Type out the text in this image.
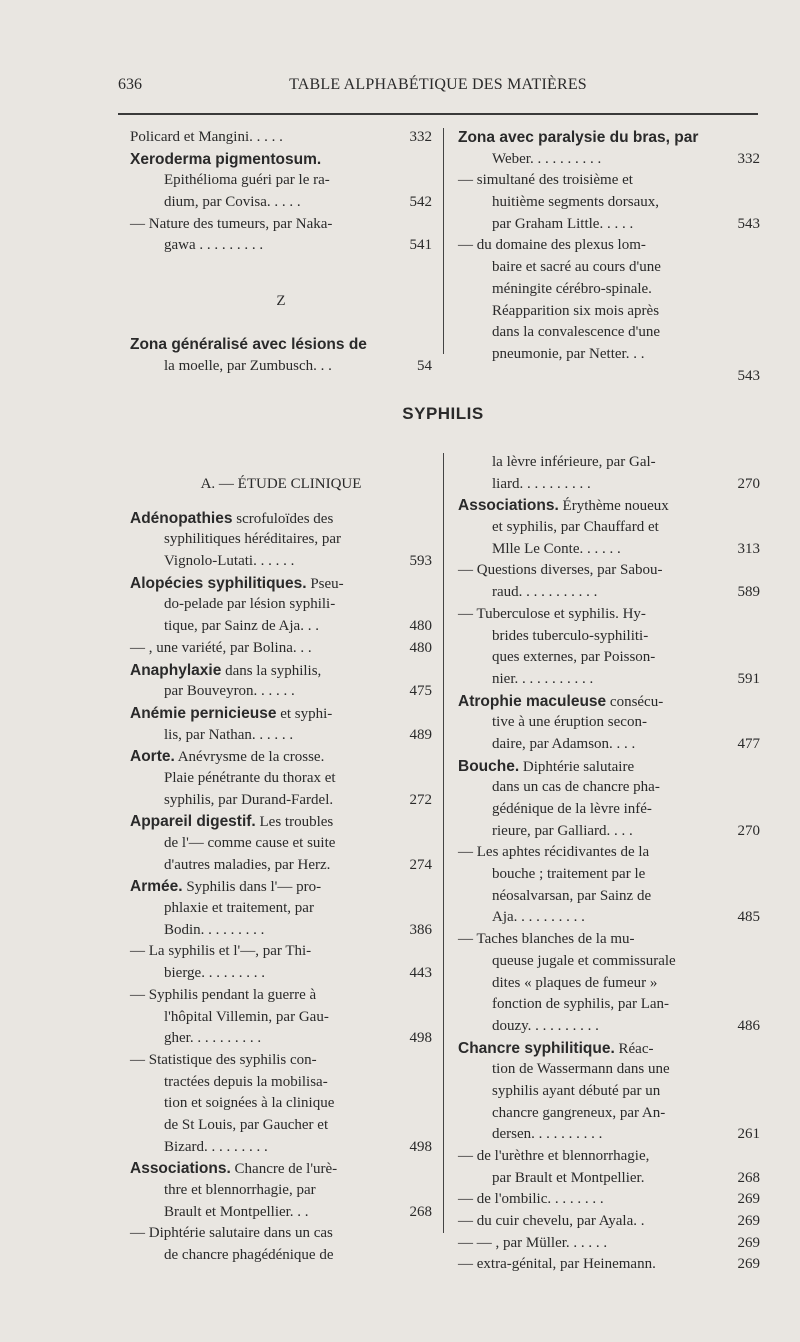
636	TABLE ALPHABÉTIQUE DES MATIÈRES
Policard et Mangini. . . . .	332
Xeroderma pigmentosum.
Epithélioma guéri par le ra-
dium, par Covisa. . . . .	542
— Nature des tumeurs, par Naka-
gawa . . . . . . . . .	541
Z
Zona généralisé avec lésions de
la moelle, par Zumbusch. . .	54
Zona avec paralysie du bras, par
Weber. . . . . . . . . .	332
— simultané des troisième et
huitième segments dorsaux,
par Graham Little. . . . .	543
— du domaine des plexus lom-
baire et sacré au cours d'une
méningite cérébro-spinale.
Réapparition six mois après
dans la convalescence d'une
pneumonie, par Netter. . .
543
SYPHILIS
A. — ÉTUDE CLINIQUE
Adénopathies scrofuloïdes des
syphilitiques héréditaires, par
Vignolo-Lutati. . . . . .	593
Alopécies syphilitiques. Pseu-
do-pelade par lésion syphili-
tique, par Sainz de Aja. . .	480
— , une variété, par Bolina. . .	480
Anaphylaxie dans la syphilis,
par Bouveyron. . . . . .	475
Anémie pernicieuse et syphi-
lis, par Nathan. . . . . .	489
Aorte. Anévrysme de la crosse.
Plaie pénétrante du thorax et
syphilis, par Durand-Fardel.	272
Appareil digestif. Les troubles
de l'— comme cause et suite
d'autres maladies, par Herz.	274
Armée. Syphilis dans l'— pro-
phlaxie et traitement, par
Bodin. . . . . . . . .	386
— La syphilis et l'—, par Thi-
bierge. . . . . . . . .	443
— Syphilis pendant la guerre à
l'hôpital Villemin, par Gau-
gher. . . . . . . . . .	498
— Statistique des syphilis con-
tractées depuis la mobilisa-
tion et soignées à la clinique
de St Louis, par Gaucher et
Bizard. . . . . . . . .	498
Associations. Chancre de l'urè-
thre et blennorrhagie, par
Brault et Montpellier. . .	268
— Diphtérie salutaire dans un cas
de chancre phagédénique de
la lèvre inférieure, par Gal-
liard. . . . . . . . . .	270
Associations. Érythème noueux
et syphilis, par Chauffard et
Mlle Le Conte. . . . . .	313
— Questions diverses, par Sabou-
raud. . . . . . . . . . .	589
— Tuberculose et syphilis. Hy-
brides tuberculo-syphiliti-
ques externes, par Poisson-
nier. . . . . . . . . . .	591
Atrophie maculeuse consécu-
tive à une éruption secon-
daire, par Adamson. . . .	477
Bouche. Diphtérie salutaire
dans un cas de chancre pha-
gédénique de la lèvre infé-
rieure, par Galliard. . . .	270
— Les aphtes récidivantes de la
bouche ; traitement par le
néosalvarsan, par Sainz de
Aja. . . . . . . . . .	485
— Taches blanches de la mu-
queuse jugale et commissurale
dites « plaques de fumeur »
fonction de syphilis, par Lan-
douzy. . . . . . . . . .	486
Chancre syphilitique. Réac-
tion de Wassermann dans une
syphilis ayant débuté par un
chancre gangreneux, par An-
dersen. . . . . . . . . .	261
— de l'urèthre et blennorrhagie,
par Brault et Montpellier.	268
— de l'ombilic. . . . . . . .	269
— du cuir chevelu, par Ayala. .	269
— — , par Müller. . . . . .	269
— extra-génital, par Heinemann.	269
